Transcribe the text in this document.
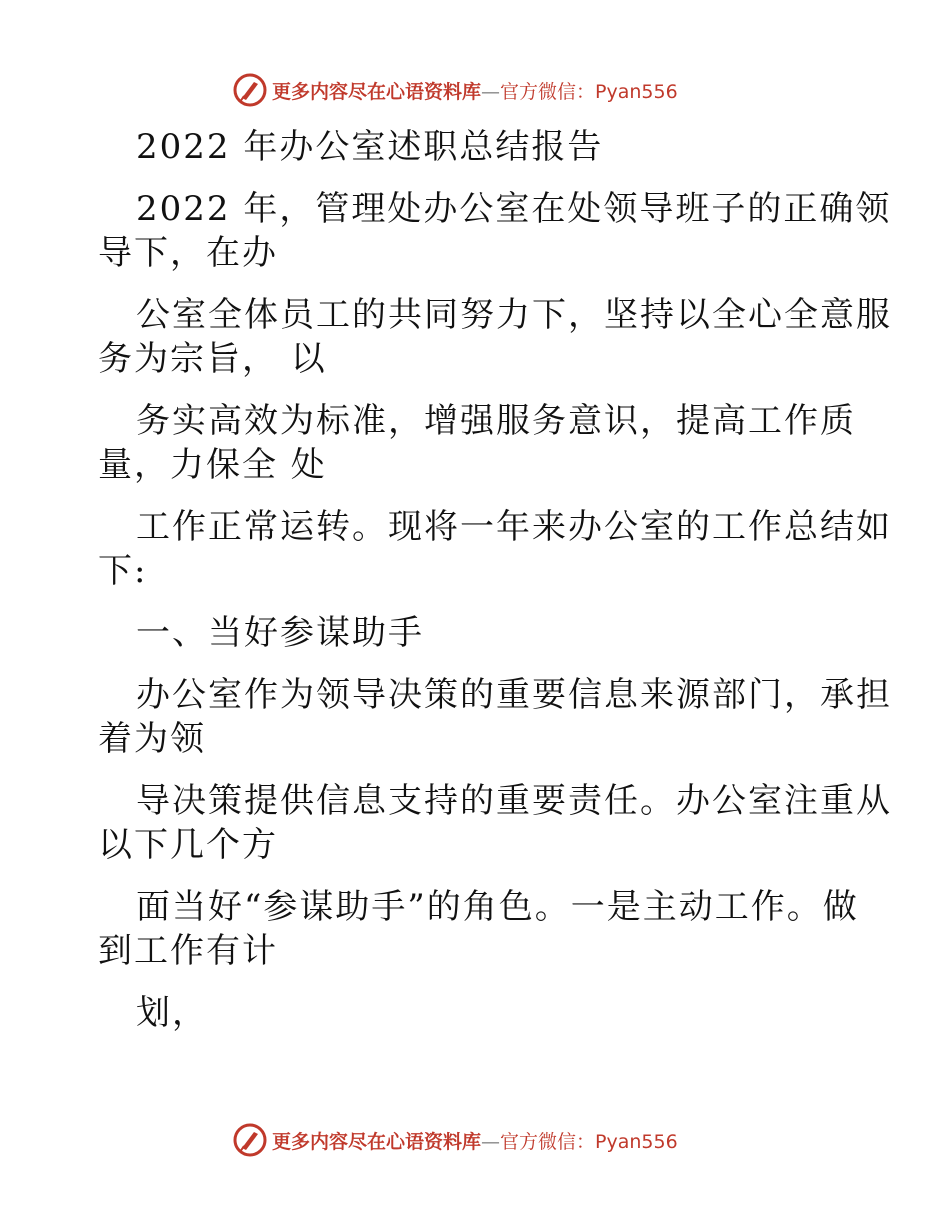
更多内容尽在心语资料库—官方微信：Pyan556

2022 年办公室述职总结报告

2022 年，管理处办公室在处领导班子的正确领

导下，在办

公室全体员工的共同努力下，坚持以全心全意服

务为宗旨， 以

务实高效为标准，增强服务意识，提高工作质

量，力保全 处

工作正常运转。现将一年来办公室的工作总结如

下:

一、当好参谋助手

办公室作为领导决策的重要信息来源部门，承担

着为领

导决策提供信息支持的重要责任。办公室注重从

以下几个方

面当好“参谋助手”的角色。一是主动工作。做

到工作有计

划，

更多内容尽在心语资料库—官方微信：Pyan556
